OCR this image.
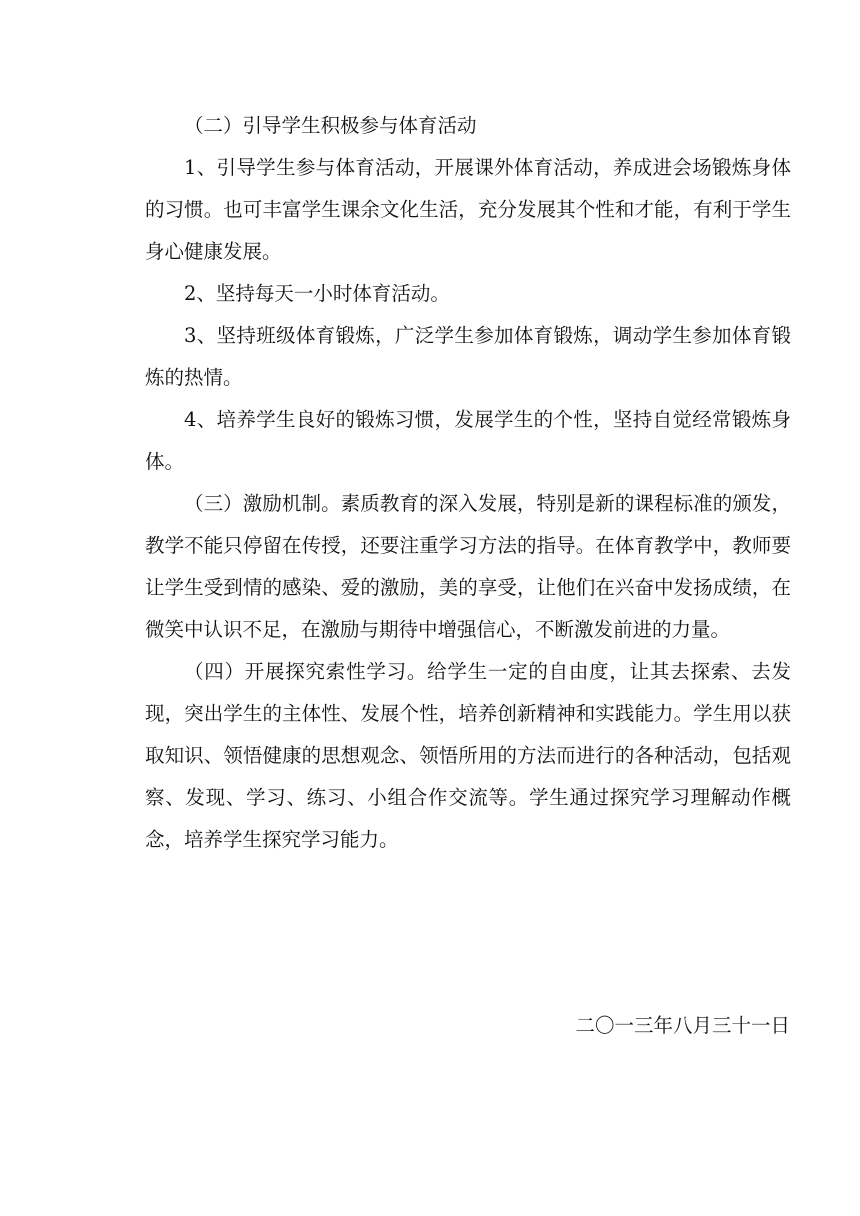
（二）引导学生积极参与体育活动

1、引导学生参与体育活动，开展课外体育活动，养成进会场锻炼身体的习惯。也可丰富学生课余文化生活，充分发展其个性和才能，有利于学生身心健康发展。

2、坚持每天一小时体育活动。

3、坚持班级体育锻炼，广泛学生参加体育锻炼，调动学生参加体育锻炼的热情。

4、培养学生良好的锻炼习惯，发展学生的个性，坚持自觉经常锻炼身体。

（三）激励机制。素质教育的深入发展，特别是新的课程标准的颁发，教学不能只停留在传授，还要注重学习方法的指导。在体育教学中，教师要让学生受到情的感染、爱的激励，美的享受，让他们在兴奋中发扬成绩，在微笑中认识不足，在激励与期待中增强信心，不断激发前进的力量。

（四）开展探究索性学习。给学生一定的自由度，让其去探索、去发现，突出学生的主体性、发展个性，培养创新精神和实践能力。学生用以获取知识、领悟健康的思想观念、领悟所用的方法而进行的各种活动，包括观察、发现、学习、练习、小组合作交流等。学生通过探究学习理解动作概念，培养学生探究学习能力。

二〇一三年八月三十一日
